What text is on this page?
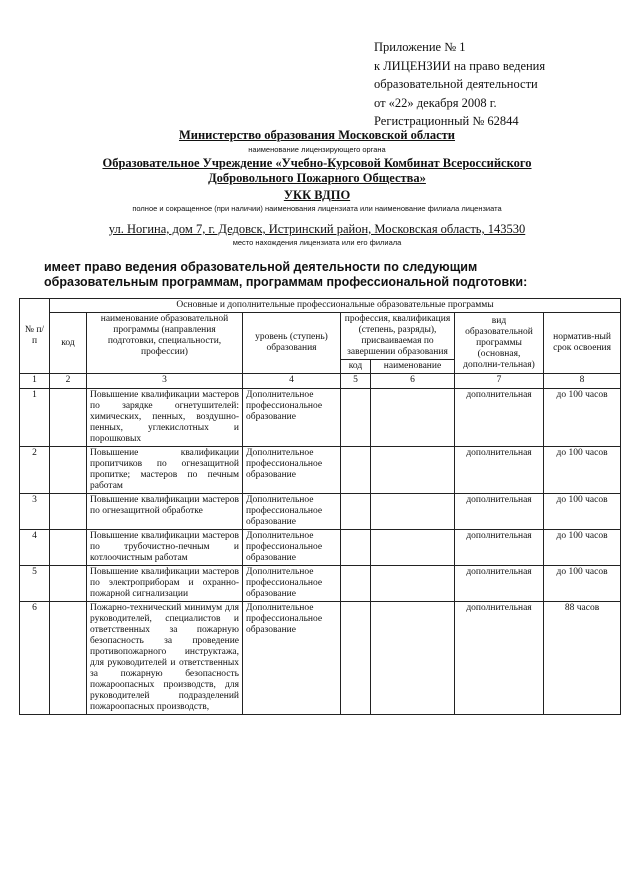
Приложение № 1
к ЛИЦЕНЗИИ на право ведения
образовательной деятельности
от «22» декабря 2008 г.
Регистрационный № 62844
Министерство образования Московской области
наименование лицензирующего органа
Образовательное Учреждение «Учебно-Курсовой Комбинат Всероссийского
Добровольного Пожарного Общества»
УКК ВДПО
полное и сокращенное (при наличии) наименования лицензиата или наименование филиала лицензиата
ул. Ногина, дом 7, г. Дедовск, Истринский район, Московская область, 143530
место нахождения лицензиата или его филиала
имеет право ведения образовательной деятельности по следующим
образовательным программам, программам профессиональной подготовки:
№ п/п	Основные и дополнительные профессиональные образовательные программы						
	код	наименование образовательной программы (направления подготовки, специальности, профессии)	уровень (ступень) образования	профессия, квалификация (степень, разряды), присваиваемая по завершении образования		вид образовательной программы (основная, дополни-тельная)	норматив-ный срок освоения
				код	наименование		
1	2	3	4	5	6	7	8
1		Повышение квалификации мастеров по зарядке огнетушителей: химических, пенных, воздушно-пенных, углекислотных и порошковых	Дополнительное профессиональное образование			дополнительная	до 100 часов
2		Повышение квалификации пропитчиков по огнезащитной пропитке; мастеров по печным работам	Дополнительное профессиональное образование			дополнительная	до 100 часов
3		Повышение квалификации мастеров по огнезащитной обработке	Дополнительное профессиональное образование			дополнительная	до 100 часов
4		Повышение квалификации мастеров по трубочистно-печным и котлоочистным работам	Дополнительное профессиональное образование			дополнительная	до 100 часов
5		Повышение квалификации мастеров по электроприборам и охранно-пожарной сигнализации	Дополнительное профессиональное образование			дополнительная	до 100 часов
6		Пожарно-технический минимум для руководителей, специалистов и ответственных за пожарную безопасность за проведение противопожарного инструктажа, для руководителей и ответственных за пожарную безопасность пожароопасных производств, для руководителей подразделений пожароопасных производств,	Дополнительное профессиональное образование			дополнительная	88 часов
